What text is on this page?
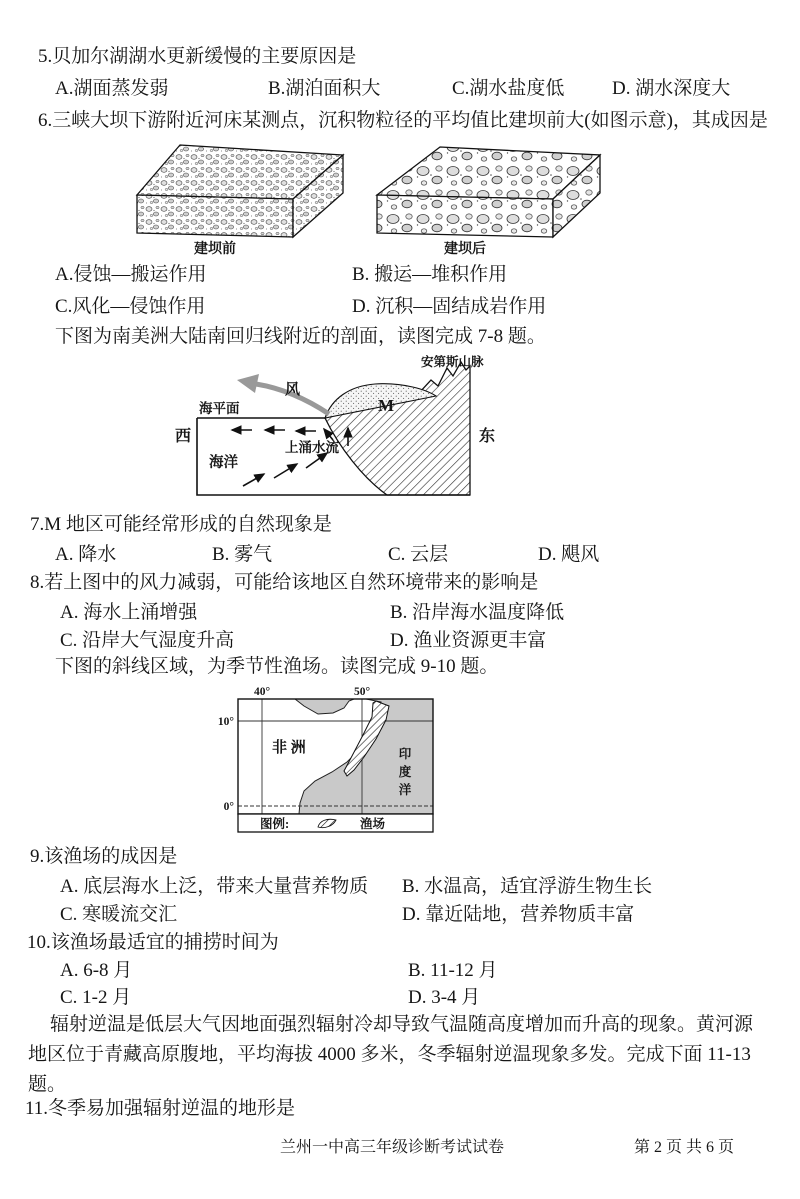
5.贝加尔湖湖水更新缓慢的主要原因是
A.湖面蒸发弱	B.湖泊面积大	C.湖水盐度低	D. 湖水深度大
6.三峡大坝下游附近河床某测点，沉积物粒径的平均值比建坝前大(如图示意)，其成因是
建坝前	建坝后
A.侵蚀—搬运作用	B. 搬运—堆积作用
C.风化—侵蚀作用	D. 沉积—固结成岩作用
下图为南美洲大陆南回归线附近的剖面，读图完成 7-8 题。
M
风
安第斯山脉
海平面
西	东
海洋
上涌水流
7.M 地区可能经常形成的自然现象是
A. 降水	B. 雾气	C. 云层	D. 飓风
8.若上图中的风力减弱，可能给该地区自然环境带来的影响是
A. 海水上涌增强	B. 沿岸海水温度降低
C. 沿岸大气湿度升高	D. 渔业资源更丰富
下图的斜线区域，为季节性渔场。读图完成 9-10 题。
40°	50°
10°
0°
非 洲	印
度
洋
图例:	渔场
9.该渔场的成因是
A. 底层海水上泛，带来大量营养物质 B. 水温高，适宜浮游生物生长
C. 寒暖流交汇	D. 靠近陆地，营养物质丰富
10.该渔场最适宜的捕捞时间为
A. 6-8 月	B. 11-12 月
C. 1-2 月	D. 3-4 月
辐射逆温是低层大气因地面强烈辐射冷却导致气温随高度增加而升高的现象。黄河源
地区位于青藏高原腹地，平均海拔 4000 多米，冬季辐射逆温现象多发。完成下面 11-13
题。
11.冬季易加强辐射逆温的地形是
兰州一中高三年级诊断考试试卷	第 2 页 共 6 页
